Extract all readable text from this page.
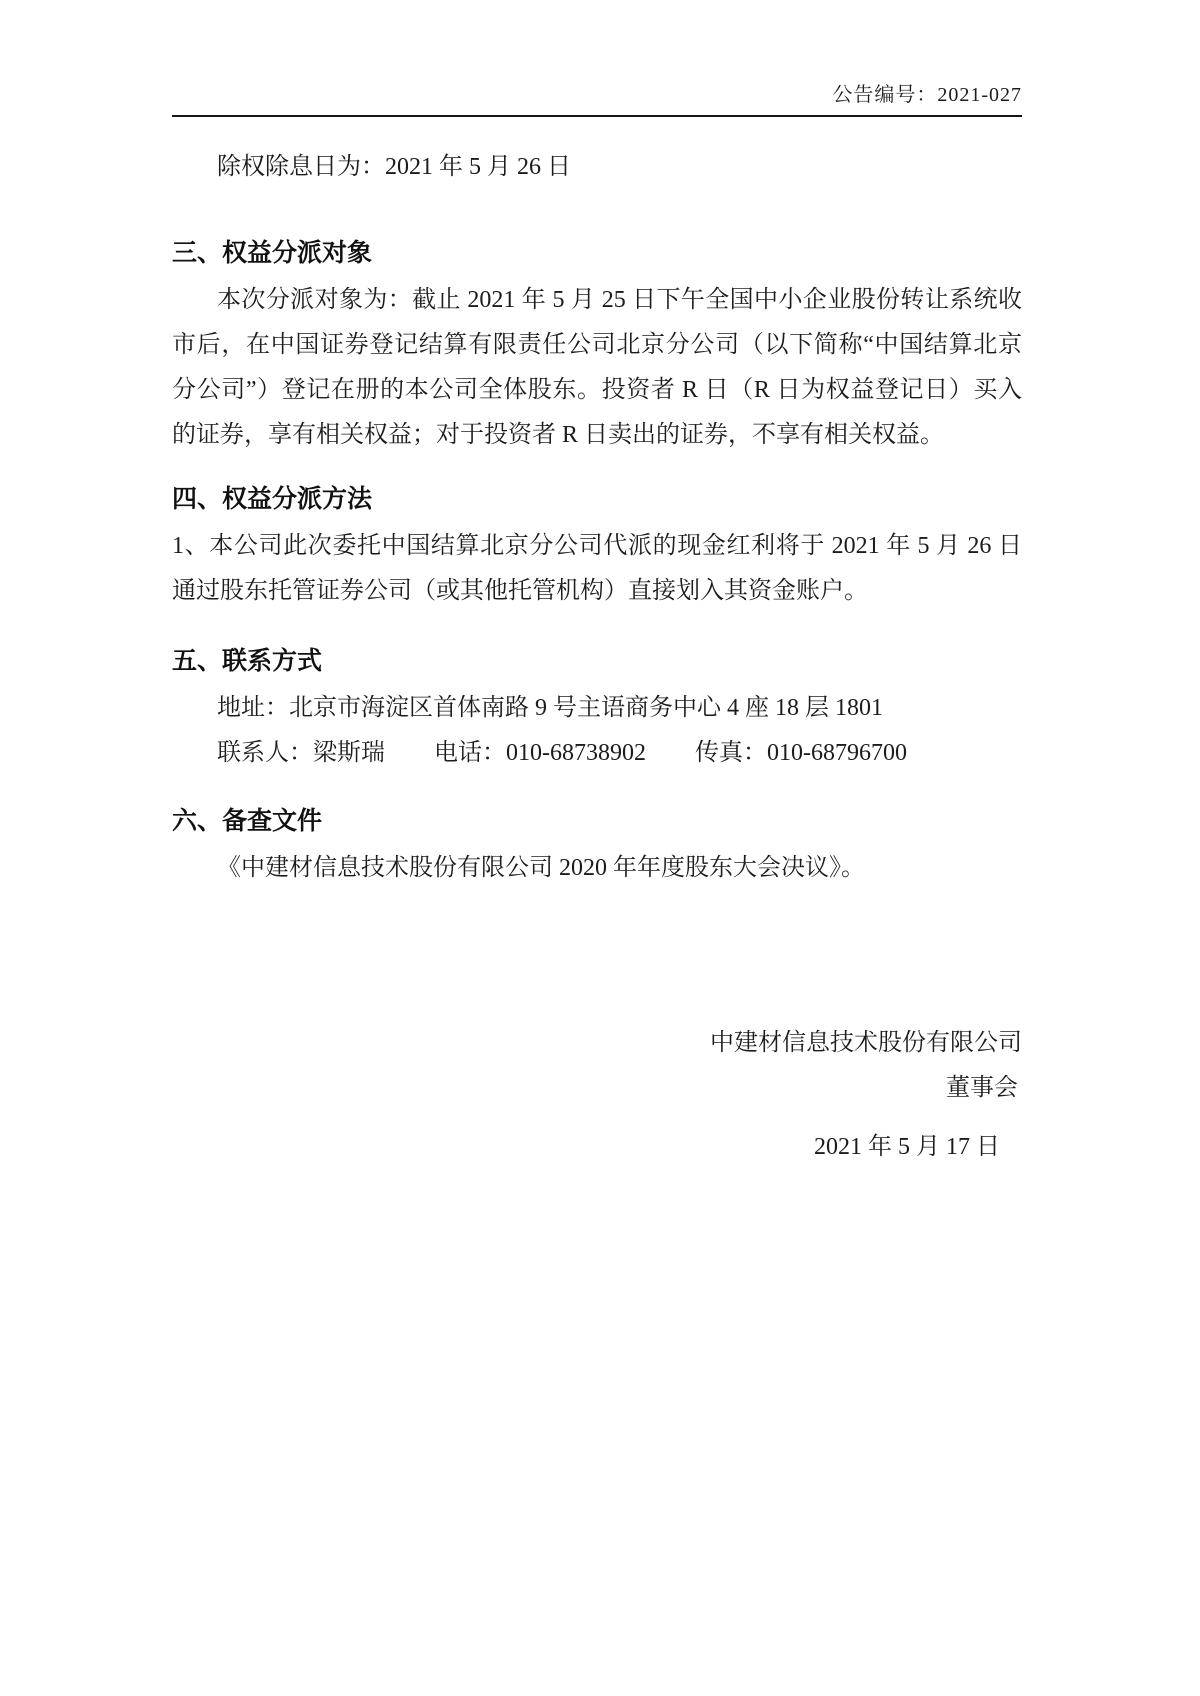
公告编号：2021-027
除权除息日为：2021 年 5 月 26 日
三、权益分派对象
本次分派对象为：截止 2021 年 5 月 25 日下午全国中小企业股份转让系统收
市后，在中国证券登记结算有限责任公司北京分公司（以下简称“中国结算北京
分公司”）登记在册的本公司全体股东。投资者 R 日（R 日为权益登记日）买入
的证券，享有相关权益；对于投资者 R 日卖出的证券，不享有相关权益。
四、权益分派方法
1、本公司此次委托中国结算北京分公司代派的现金红利将于 2021 年 5 月 26 日
通过股东托管证券公司（或其他托管机构）直接划入其资金账户。
五、联系方式
地址：北京市海淀区首体南路 9 号主语商务中心 4 座 18 层 1801
联系人：梁斯瑞 电话：010-68738902 传真：010-68796700
六、备查文件
《中建材信息技术股份有限公司 2020 年年度股东大会决议》。
中建材信息技术股份有限公司
董事会
2021 年 5 月 17 日
